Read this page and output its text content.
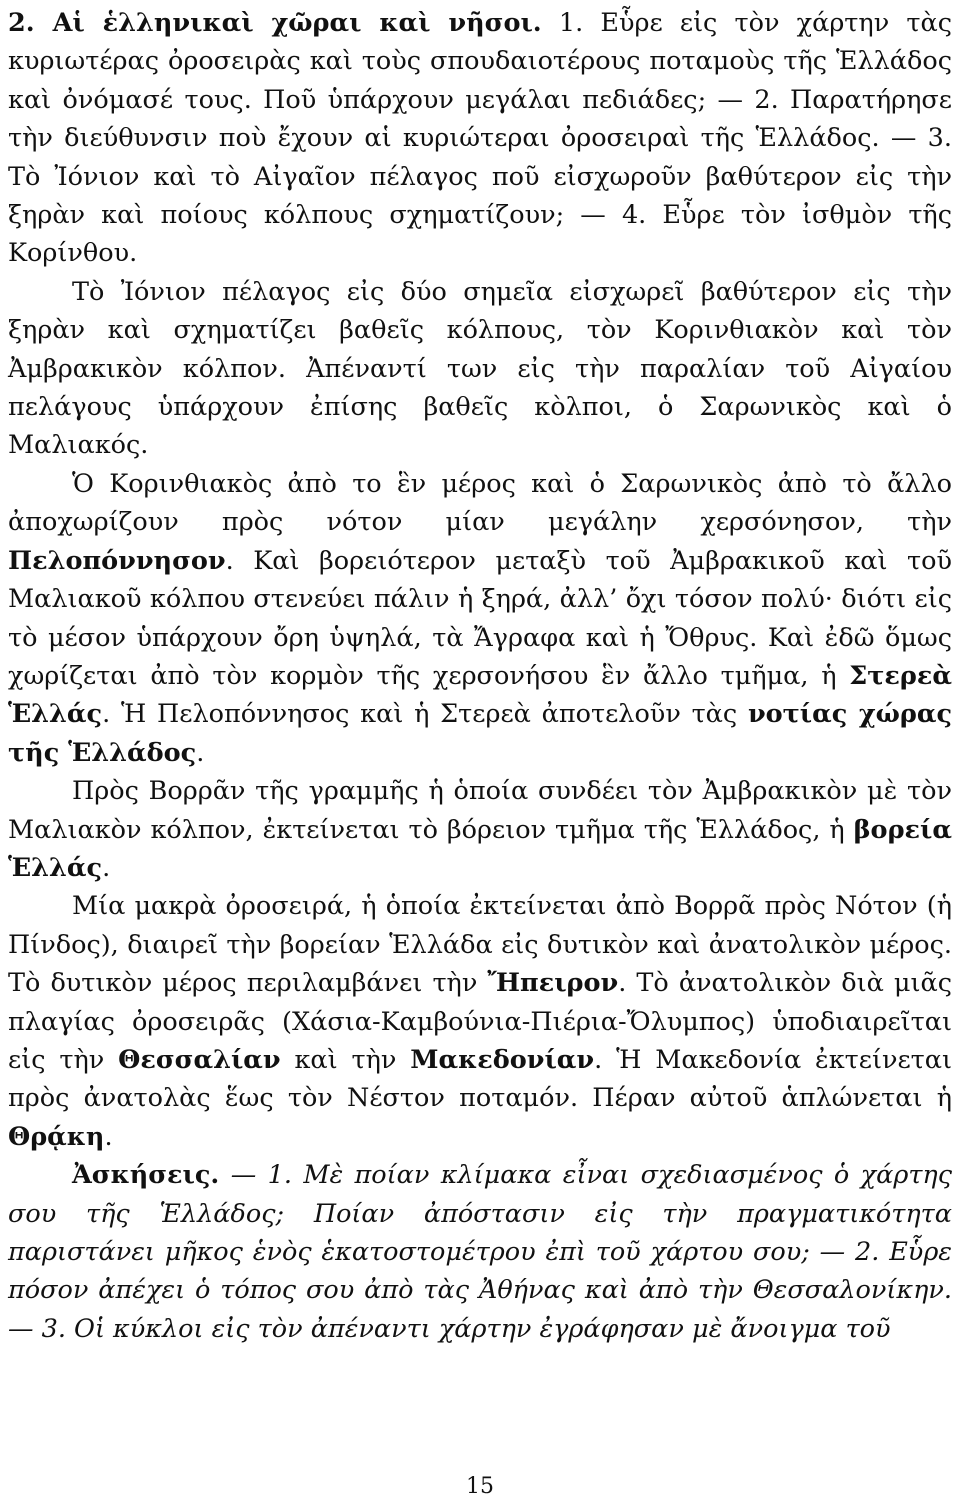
2. Αἱ ἑλληνικαὶ χῶραι καὶ νῆσοι. 1. Εὗρε εἰς τὸν χάρτην τὰς κυριωτέρας ὀροσειρὰς καὶ τοὺς σπουδαιοτέρους ποταμοὺς τῆς Ἑλλάδος καὶ ὀνόμασέ τους. Ποῦ ὑπάρχουν μεγάλαι πεδιάδες; — 2. Παρατήρησε τὴν διεύθυνσιν ποὺ ἔχουν αἱ κυριώτεραι ὀροσειραὶ τῆς Ἑλλάδος. — 3. Τὸ Ἰόνιον καὶ τὸ Αἰγαῖον πέλαγος ποῦ εἰσχωροῦν βαθύτερον εἰς τὴν ξηρὰν καὶ ποίους κόλπους σχηματίζουν; — 4. Εὗρε τὸν ἰσθμὸν τῆς Κορίνθου.

Τὸ Ἰόνιον πέλαγος εἰς δύο σημεῖα εἰσχωρεῖ βαθύτερον εἰς τὴν ξηρὰν καὶ σχηματίζει βαθεῖς κόλπους, τὸν Κορινθιακὸν καὶ τὸν Ἀμβρακικὸν κόλπον. Ἀπέναντί των εἰς τὴν παραλίαν τοῦ Αἰγαίου πελάγους ὑπάρχουν ἐπίσης βαθεῖς κὸλποι, ὁ Σαρωνικὸς καὶ ὁ Μαλιακός.

Ὁ Κορινθιακὸς ἀπὸ το ἓν μέρος καὶ ὁ Σαρωνικὸς ἀπὸ τὸ ἄλλο ἀποχωρίζουν πρὸς νότον μίαν μεγάλην χερσόνησον, τὴν Πελοπόννησον. Καὶ βορειότερον μεταξὺ τοῦ Ἀμβρακικοῦ καὶ τοῦ Μαλιακοῦ κόλπου στενεύει πάλιν ἡ ξηρά, ἀλλ’ ὄχι τόσον πολύ· διότι εἰς τὸ μέσον ὑπάρχουν ὄρη ὑψηλά, τὰ Ἄγραφα καὶ ἡ Ὄθρυς. Καὶ ἐδῶ ὅμως χωρίζεται ἀπὸ τὸν κορμὸν τῆς χερσονήσου ἓν ἄλλο τμῆμα, ἡ Στερεὰ Ἑλλάς. Ἡ Πελοπόννησος καὶ ἡ Στερεὰ ἀποτελοῦν τὰς νοτίας χώρας τῆς Ἑλλάδος.

Πρὸς Βορρᾶν τῆς γραμμῆς ἡ ὁποία συνδέει τὸν Ἀμβρακικὸν μὲ τὸν Μαλιακὸν κόλπον, ἐκτείνεται τὸ βόρειον τμῆμα τῆς Ἑλλάδος, ἡ βορεία Ἑλλάς.

Μία μακρὰ ὀροσειρά, ἡ ὁποία ἐκτείνεται ἀπὸ Βορρᾶ πρὸς Νότον (ἡ Πίνδος), διαιρεῖ τὴν βορείαν Ἑλλάδα εἰς δυτικὸν καὶ ἀνατολικὸν μέρος. Τὸ δυτικὸν μέρος περιλαμβάνει τὴν Ἤπειρον. Τὸ ἀνατολικὸν διὰ μιᾶς πλαγίας ὀροσειρᾶς (Χάσια-Καμβούνια-Πιέρια-Ὄλυμπος) ὑποδιαιρεῖται εἰς τὴν Θεσσαλίαν καὶ τὴν Μακεδονίαν. Ἡ Μακεδονία ἐκτείνεται πρὸς ἀνατολὰς ἕως τὸν Νέστον ποταμόν. Πέραν αὐτοῦ ἁπλώνεται ἡ Θρᾴκη.

Ἀσκήσεις. — 1. Μὲ ποίαν κλίμακα εἶναι σχεδιασμένος ὁ χάρτης σου τῆς Ἑλλάδος; Ποίαν ἀπόστασιν εἰς τὴν πραγματικότητα παριστάνει μῆκος ἑνὸς ἑκατοστομέτρου ἐπὶ τοῦ χάρτου σου; — 2. Εὗρε πόσον ἀπέχει ὁ τόπος σου ἀπὸ τὰς Ἀθήνας καὶ ἀπὸ τὴν Θεσσαλονίκην. — 3. Οἱ κύκλοι εἰς τὸν ἀπέναντι χάρτην ἐγράφησαν μὲ ἄνοιγμα τοῦ

15
